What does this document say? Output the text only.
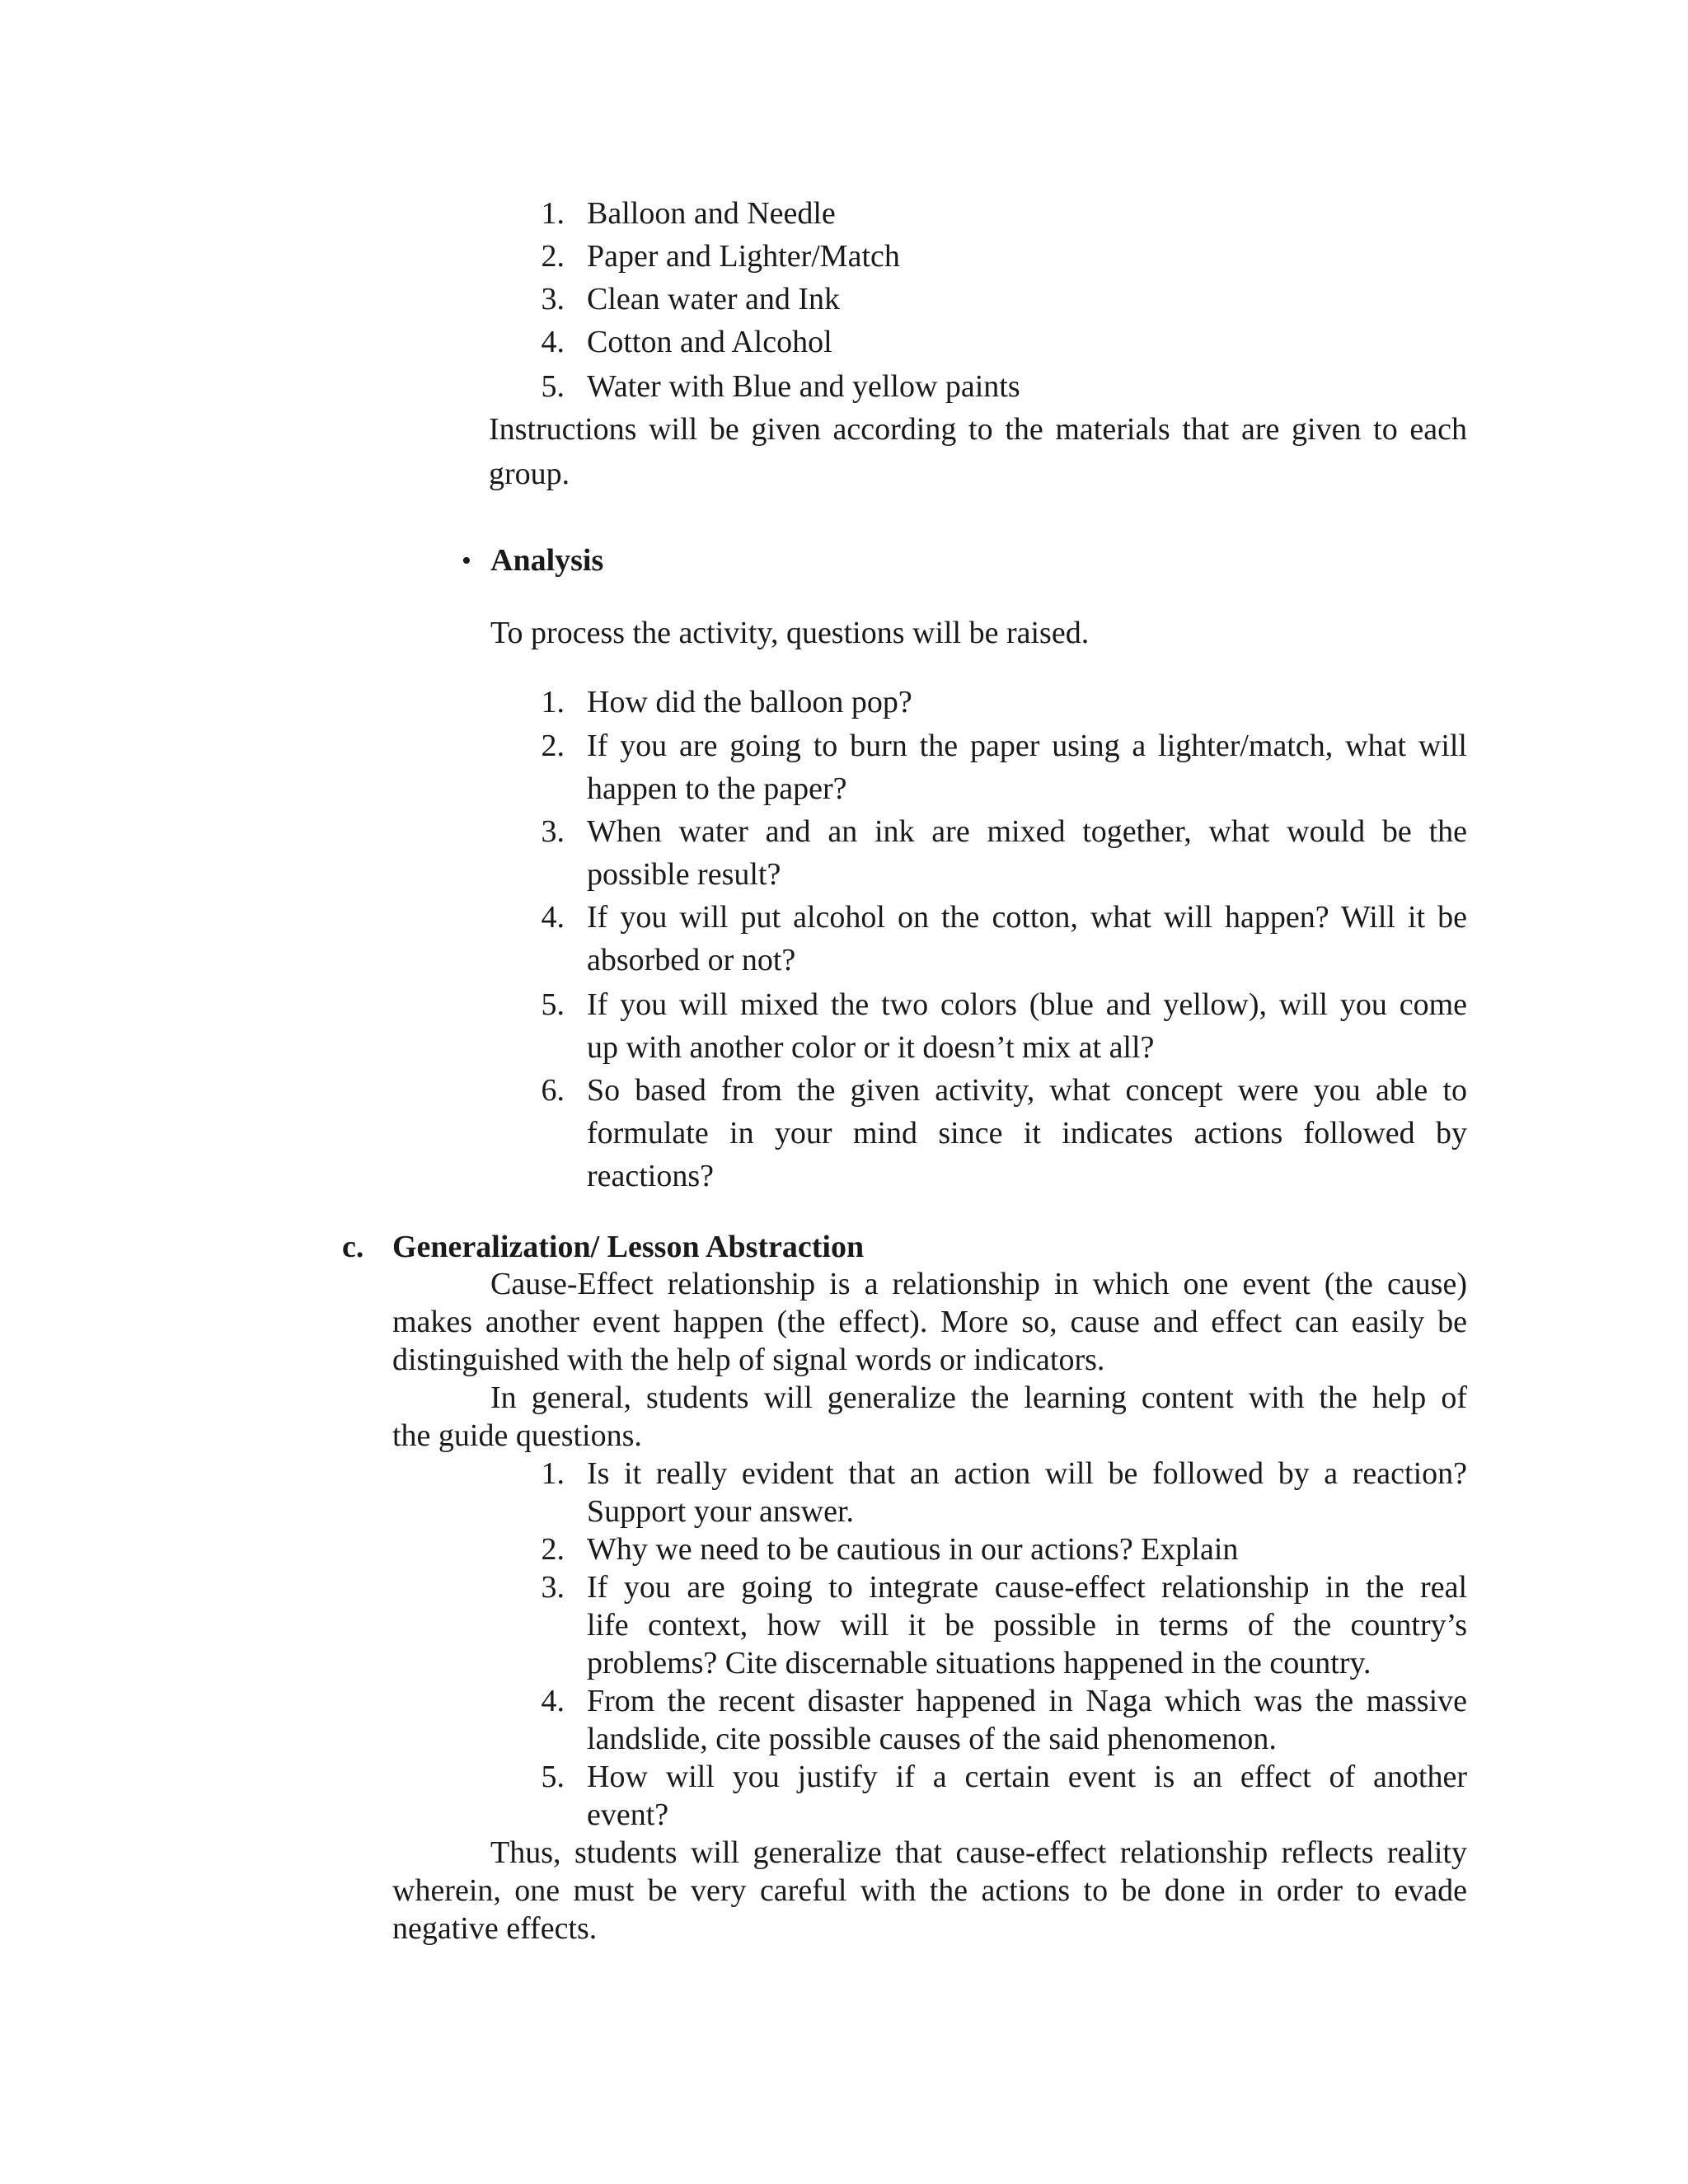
1. Balloon and Needle
2. Paper and Lighter/Match
3. Clean water and Ink
4. Cotton and Alcohol
5. Water with Blue and yellow paints
Instructions will be given according to the materials that are given to each
group.
• Analysis
To process the activity, questions will be raised.
1. How did the balloon pop?
2. If you are going to burn the paper using a lighter/match, what will
happen to the paper?
3. When water and an ink are mixed together, what would be the
possible result?
4. If you will put alcohol on the cotton, what will happen? Will it be
absorbed or not?
5. If you will mixed the two colors (blue and yellow), will you come
up with another color or it doesn’t mix at all?
6. So based from the given activity, what concept were you able to
formulate in your mind since it indicates actions followed by
reactions?
c. Generalization/ Lesson Abstraction
Cause-Effect relationship is a relationship in which one event (the cause)
makes another event happen (the effect). More so, cause and effect can easily be
distinguished with the help of signal words or indicators.
In general, students will generalize the learning content with the help of
the guide questions.
1. Is it really evident that an action will be followed by a reaction?
Support your answer.
2. Why we need to be cautious in our actions? Explain
3. If you are going to integrate cause-effect relationship in the real
life context, how will it be possible in terms of the country’s
problems? Cite discernable situations happened in the country.
4. From the recent disaster happened in Naga which was the massive
landslide, cite possible causes of the said phenomenon.
5. How will you justify if a certain event is an effect of another
event?
Thus, students will generalize that cause-effect relationship reflects reality
wherein, one must be very careful with the actions to be done in order to evade
negative effects.
